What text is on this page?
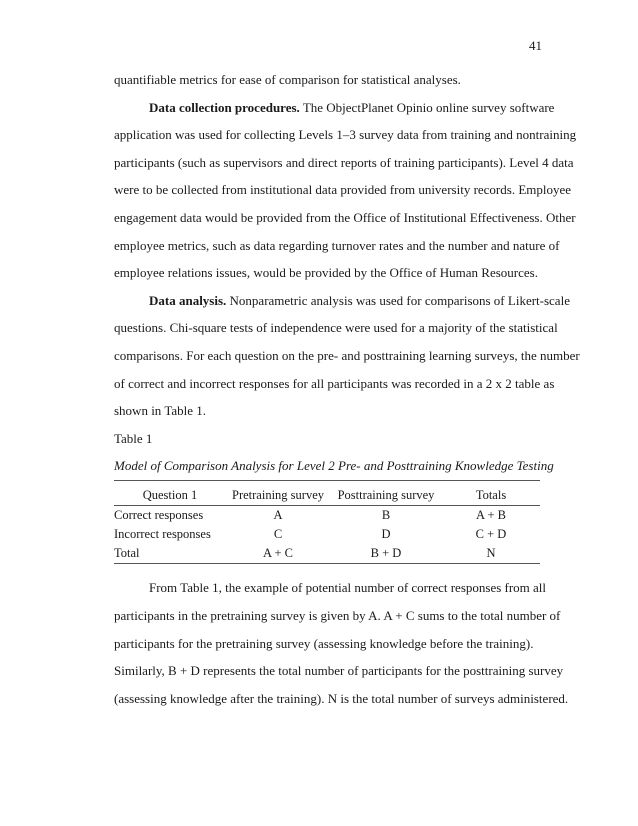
41
quantifiable metrics for ease of comparison for statistical analyses.
Data collection procedures. The ObjectPlanet Opinio online survey software
application was used for collecting Levels 1–3 survey data from training and nontraining
participants (such as supervisors and direct reports of training participants). Level 4 data
were to be collected from institutional data provided from university records. Employee
engagement data would be provided from the Office of Institutional Effectiveness. Other
employee metrics, such as data regarding turnover rates and the number and nature of
employee relations issues, would be provided by the Office of Human Resources.
Data analysis. Nonparametric analysis was used for comparisons of Likert-scale
questions. Chi-square tests of independence were used for a majority of the statistical
comparisons. For each question on the pre- and posttraining learning surveys, the number
of correct and incorrect responses for all participants was recorded in a 2 x 2 table as
shown in Table 1.
Table 1
Model of Comparison Analysis for Level 2 Pre- and Posttraining Knowledge Testing
Question 1	Pretraining survey	Posttraining survey	Totals
Correct responses	A	B	A + B
Incorrect responses	C	D	C + D
Total	A + C	B + D	N
From Table 1, the example of potential number of correct responses from all
participants in the pretraining survey is given by A. A + C sums to the total number of
participants for the pretraining survey (assessing knowledge before the training).
Similarly, B + D represents the total number of participants for the posttraining survey
(assessing knowledge after the training). N is the total number of surveys administered.
